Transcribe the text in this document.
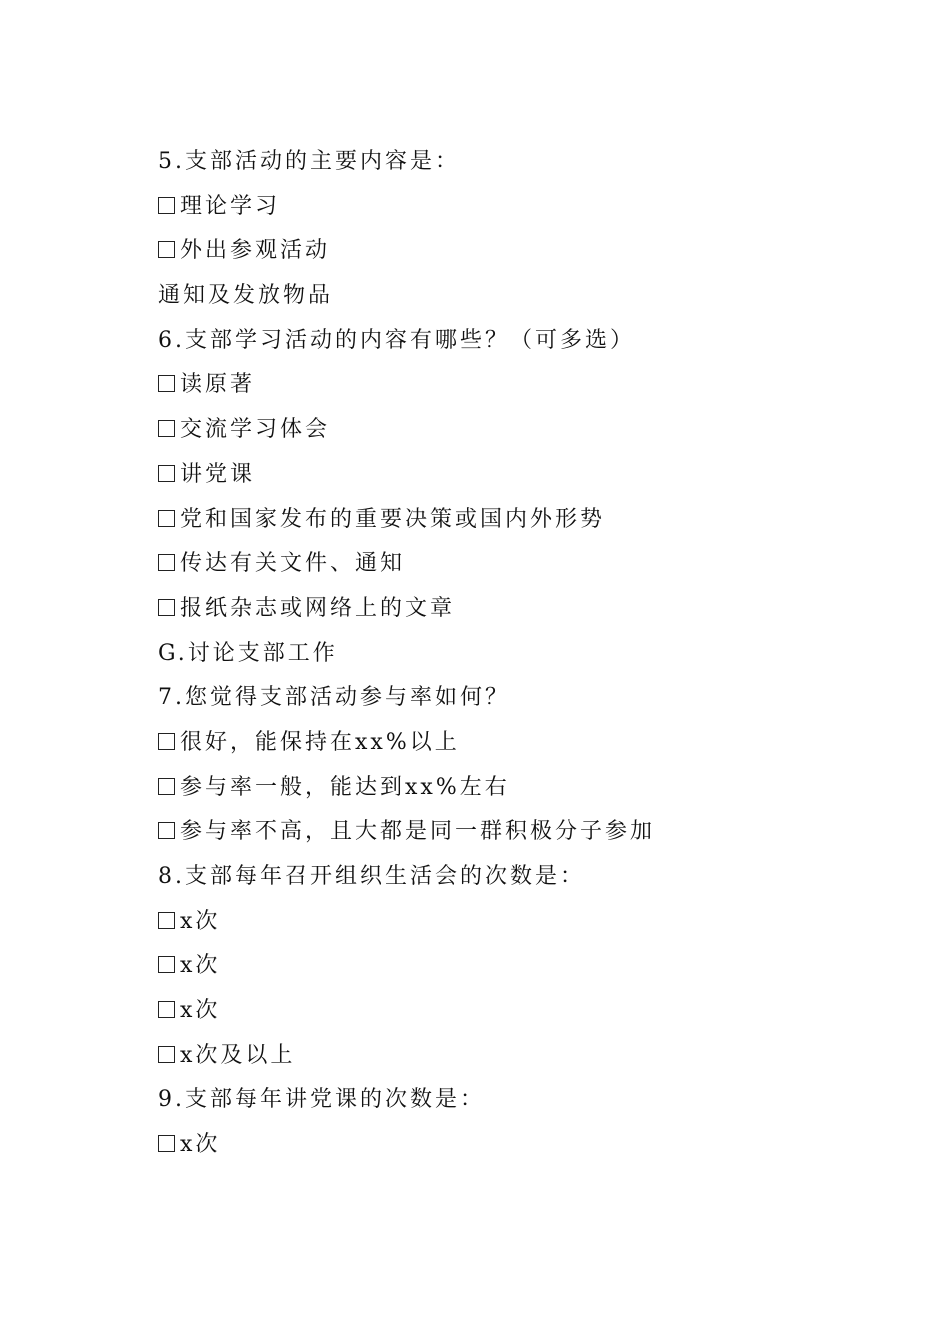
5.支部活动的主要内容是：
理论学习
外出参观活动
通知及发放物品
6.支部学习活动的内容有哪些？（可多选）
读原著
交流学习体会
讲党课
党和国家发布的重要决策或国内外形势
传达有关文件、通知
报纸杂志或网络上的文章
G.讨论支部工作
7.您觉得支部活动参与率如何？
很好，能保持在xx%以上
参与率一般，能达到xx%左右
参与率不高，且大都是同一群积极分子参加
8.支部每年召开组织生活会的次数是：
x次
x次
x次
x次及以上
9.支部每年讲党课的次数是：
x次
